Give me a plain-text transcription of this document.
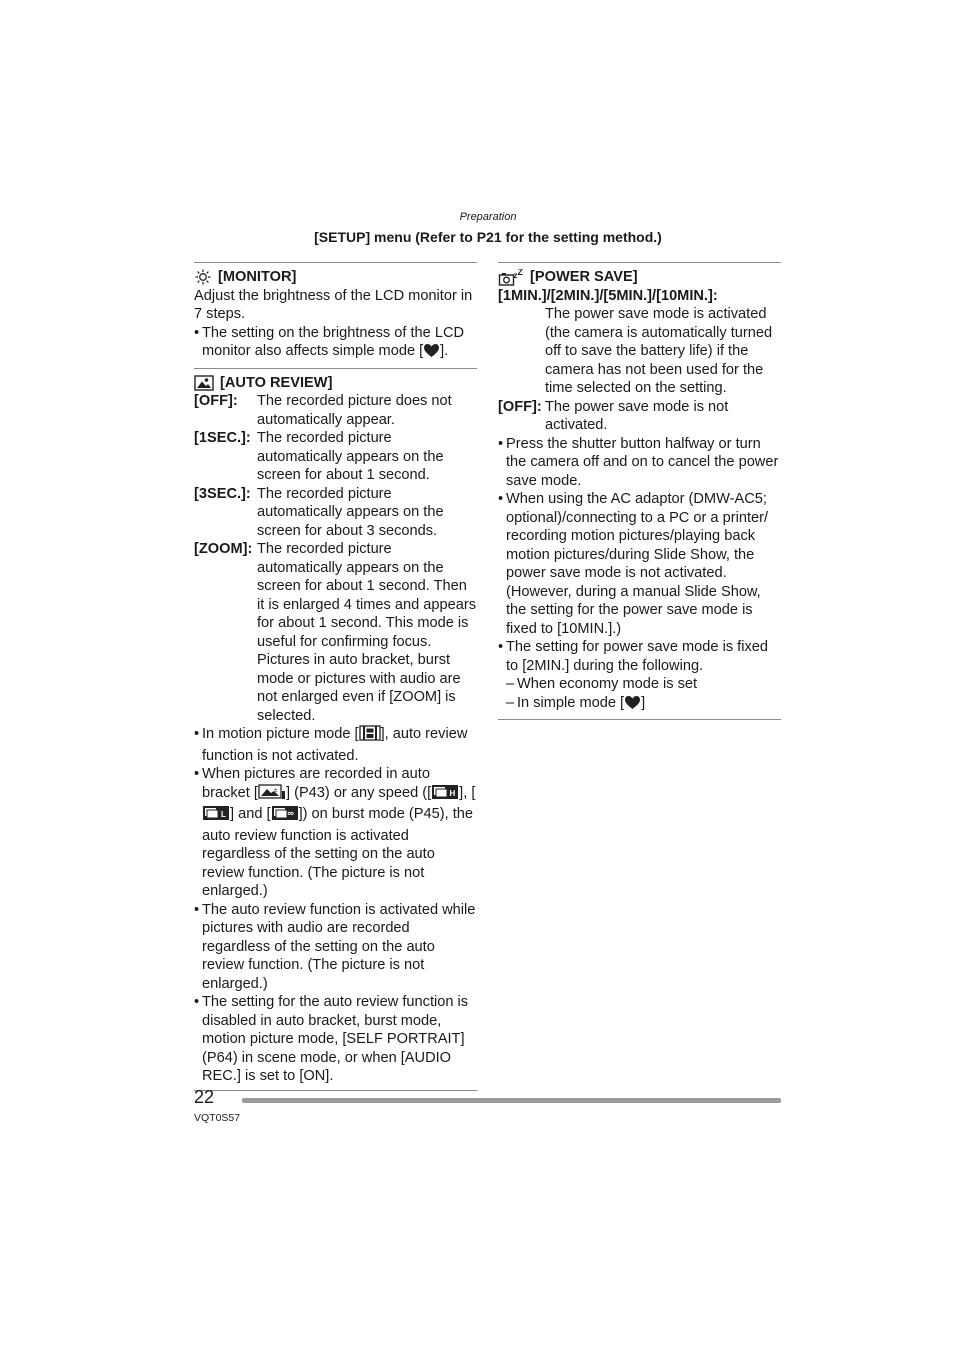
Preparation
[SETUP] menu (Refer to P21 for the setting method.)
[MONITOR]

Adjust the brightness of the LCD monitor in 7 steps.

• The setting on the brightness of the LCD monitor also affects simple mode [ ].

[AUTO REVIEW]
[OFF]:	The recorded picture does not automatically appear.
[1SEC.]: The recorded picture automatically appears on the screen for about 1 second.
[3SEC.]: The recorded picture automatically appears on the screen for about 3 seconds.
[ZOOM]: The recorded picture automatically appears on the screen for about 1 second. Then it is enlarged 4 times and appears for about 1 second. This mode is useful for confirming focus. Pictures in auto bracket, burst mode or pictures with audio are not enlarged even if [ZOOM] is selected.

• In motion picture mode [ ], auto review function is not activated.

• When pictures are recorded in auto bracket [	± ] (P43) or any speed ([ H ], [
L ] and [ ∞ ]) on burst mode (P45), the auto review function is activated regardless of the setting on the auto review function. (The picture is not enlarged.)

• The auto review function is activated while pictures with audio are recorded regardless of the setting on the auto review function. (The picture is not enlarged.)

• The setting for the auto review function is disabled in auto bracket, burst mode, motion picture mode, [SELF PORTRAIT] (P64) in scene mode, or when [AUDIO REC.] is set to [ON].

z Z [POWER SAVE]

[1MIN.]/[2MIN.]/[5MIN.]/[10MIN.]:

The power save mode is activated (the camera is automatically turned off to save the battery life) if the camera has not been used for the time selected on the setting.

[OFF]: The power save mode is not activated.

• Press the shutter button halfway or turn the camera off and on to cancel the power save mode.

• When using the AC adaptor (DMW-AC5; optional)/connecting to a PC or a printer/ recording motion pictures/playing back motion pictures/during Slide Show, the power save mode is not activated. (However, during a manual Slide Show, the setting for the power save mode is fixed to [10MIN.].)

• The setting for power save mode is fixed to [2MIN.] during the following.

– When economy mode is set

– In simple mode [ ]

22
VQT0S57
